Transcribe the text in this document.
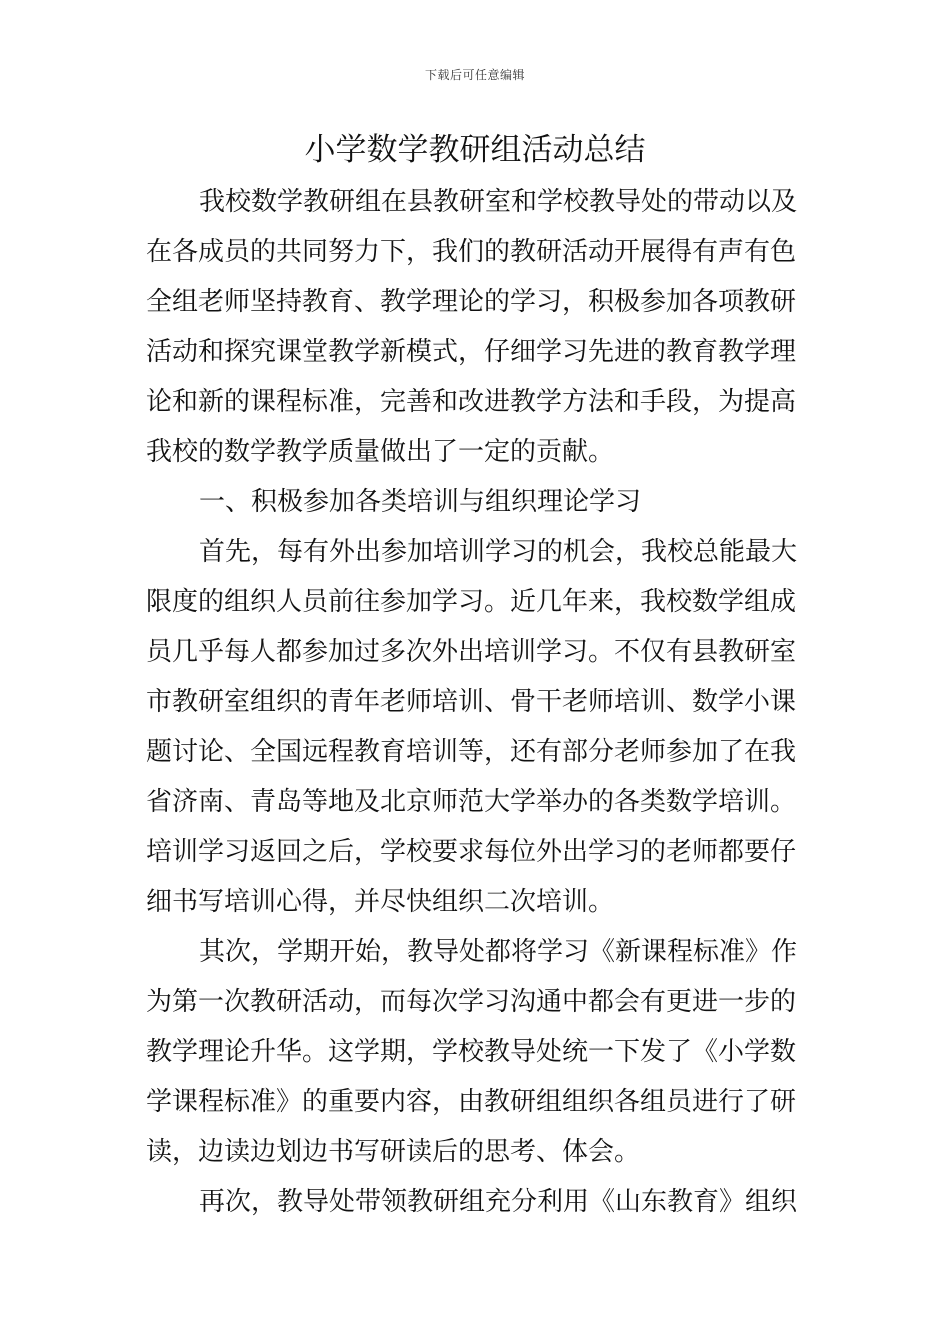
下载后可任意编辑
小学数学教研组活动总结
我校数学教研组在县教研室和学校教导处的带动以及
在各成员的共同努力下，我们的教研活动开展得有声有色
全组老师坚持教育、教学理论的学习，积极参加各项教研
活动和探究课堂教学新模式，仔细学习先进的教育教学理
论和新的课程标准，完善和改进教学方法和手段，为提高
我校的数学教学质量做出了一定的贡献。
一、积极参加各类培训与组织理论学习
首先，每有外出参加培训学习的机会，我校总能最大
限度的组织人员前往参加学习。近几年来，我校数学组成
员几乎每人都参加过多次外出培训学习。不仅有县教研室
市教研室组织的青年老师培训、骨干老师培训、数学小课
题讨论、全国远程教育培训等，还有部分老师参加了在我
省济南、青岛等地及北京师范大学举办的各类数学培训。
培训学习返回之后，学校要求每位外出学习的老师都要仔
细书写培训心得，并尽快组织二次培训。
其次，学期开始，教导处都将学习《新课程标准》作
为第一次教研活动，而每次学习沟通中都会有更进一步的
教学理论升华。这学期，学校教导处统一下发了《小学数
学课程标准》的重要内容，由教研组组织各组员进行了研
读，边读边划边书写研读后的思考、体会。
再次，教导处带领教研组充分利用《山东教育》组织
